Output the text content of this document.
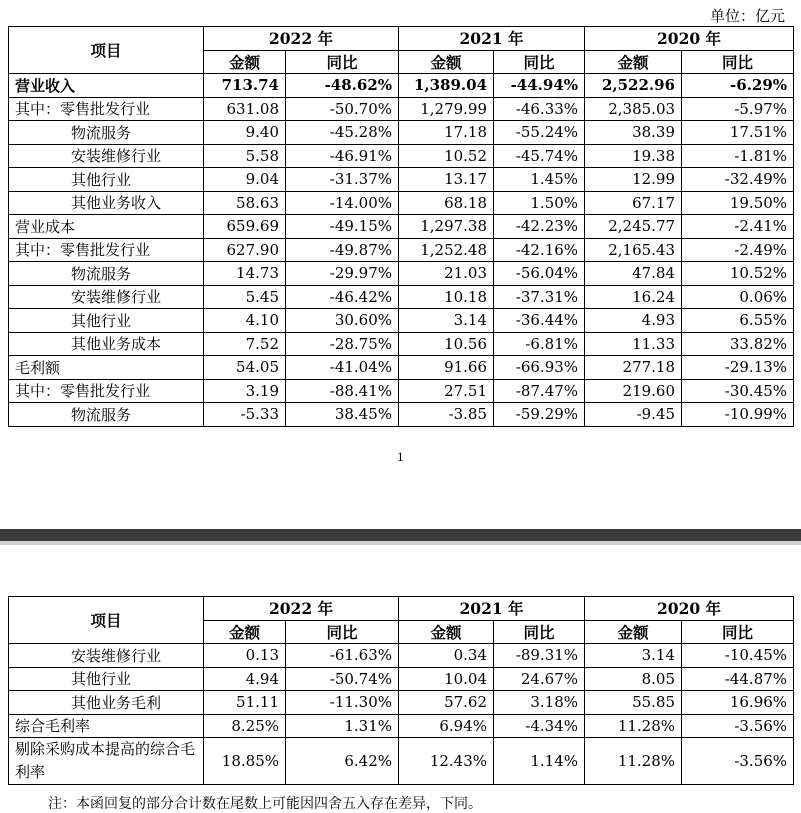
单位：亿元
项目	2022 年		2021 年		2020 年	
	金额	同比	金额	同比	金额	同比
营业收入	713.74	-48.62%	1,389.04	-44.94%	2,522.96	-6.29%
其中：零售批发行业	631.08	-50.70%	1,279.99	-46.33%	2,385.03	-5.97%
物流服务	9.40	-45.28%	17.18	-55.24%	38.39	17.51%
安装维修行业	5.58	-46.91%	10.52	-45.74%	19.38	-1.81%
其他行业	9.04	-31.37%	13.17	1.45%	12.99	-32.49%
其他业务收入	58.63	-14.00%	68.18	1.50%	67.17	19.50%
营业成本	659.69	-49.15%	1,297.38	-42.23%	2,245.77	-2.41%
其中：零售批发行业	627.90	-49.87%	1,252.48	-42.16%	2,165.43	-2.49%
物流服务	14.73	-29.97%	21.03	-56.04%	47.84	10.52%
安装维修行业	5.45	-46.42%	10.18	-37.31%	16.24	0.06%
其他行业	4.10	30.60%	3.14	-36.44%	4.93	6.55%
其他业务成本	7.52	-28.75%	10.56	-6.81%	11.33	33.82%
毛利额	54.05	-41.04%	91.66	-66.93%	277.18	-29.13%
其中：零售批发行业	3.19	-88.41%	27.51	-87.47%	219.60	-30.45%
物流服务	-5.33	38.45%	-3.85	-59.29%	-9.45	-10.99%
1
项目	2022 年		2021 年		2020 年	
	金额	同比	金额	同比	金额	同比
安装维修行业	0.13	-61.63%	0.34	-89.31%	3.14	-10.45%
其他行业	4.94	-50.74%	10.04	24.67%	8.05	-44.87%
其他业务毛利	51.11	-11.30%	57.62	3.18%	55.85	16.96%
综合毛利率	8.25%	1.31%	6.94%	-4.34%	11.28%	-3.56%
剔除采购成本提高的综合毛利率	18.85%	6.42%	12.43%	1.14%	11.28%	-3.56%
注：本函回复的部分合计数在尾数上可能因四舍五入存在差异，下同。
